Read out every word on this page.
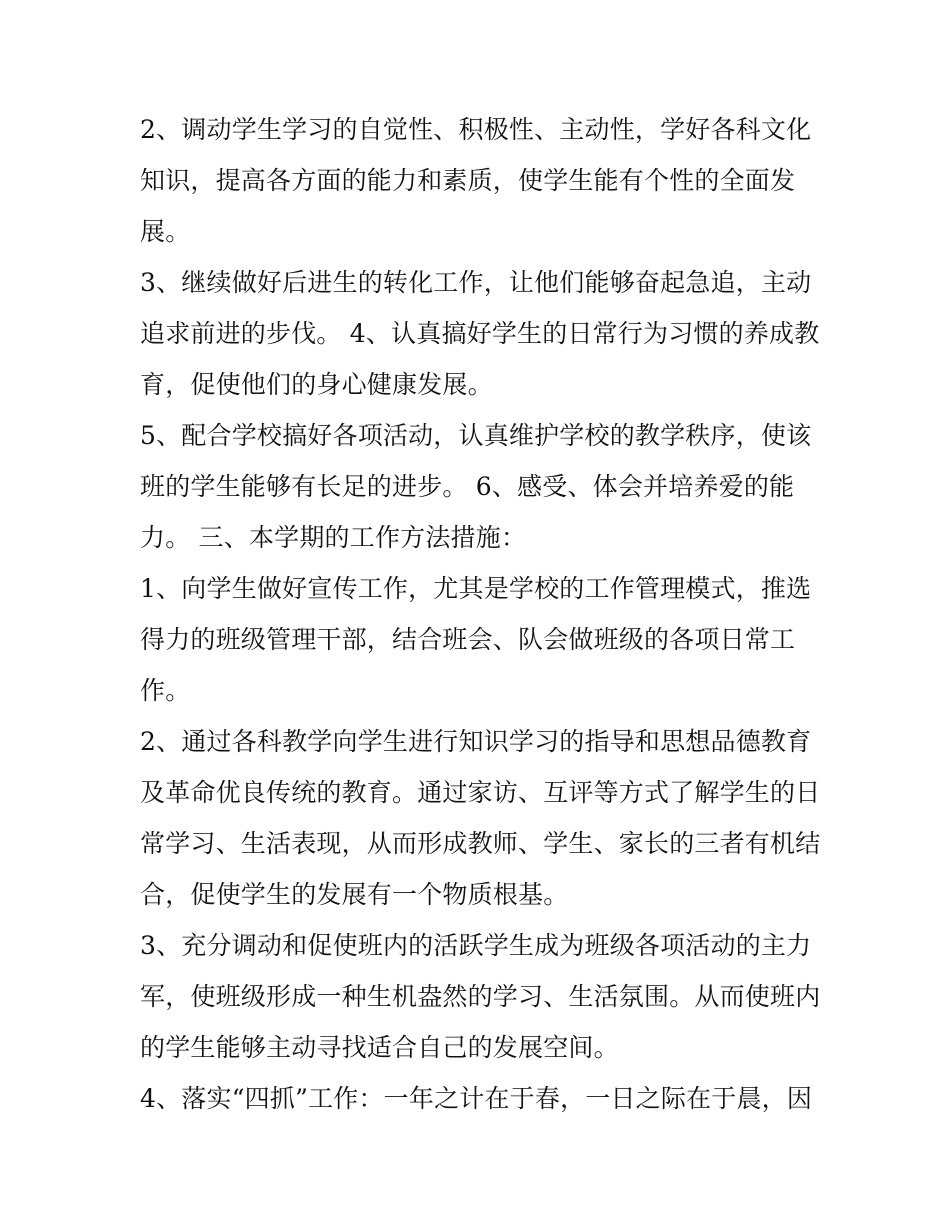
2、调动学生学习的自觉性、积极性、主动性，学好各科文化
知识，提高各方面的能力和素质，使学生能有个性的全面发
展。
3、继续做好后进生的转化工作，让他们能够奋起急追，主动
追求前进的步伐。 4、认真搞好学生的日常行为习惯的养成教
育，促使他们的身心健康发展。
5、配合学校搞好各项活动，认真维护学校的教学秩序，使该
班的学生能够有长足的进步。 6、感受、体会并培养爱的能
力。 三、本学期的工作方法措施：
1、向学生做好宣传工作，尤其是学校的工作管理模式，推选
得力的班级管理干部，结合班会、队会做班级的各项日常工
作。
2、通过各科教学向学生进行知识学习的指导和思想品德教育
及革命优良传统的教育。通过家访、互评等方式了解学生的日
常学习、生活表现，从而形成教师、学生、家长的三者有机结
合，促使学生的发展有一个物质根基。
3、充分调动和促使班内的活跃学生成为班级各项活动的主力
军，使班级形成一种生机盎然的学习、生活氛围。从而使班内
的学生能够主动寻找适合自己的发展空间。
4、落实“四抓”工作：一年之计在于春，一日之际在于晨，因
